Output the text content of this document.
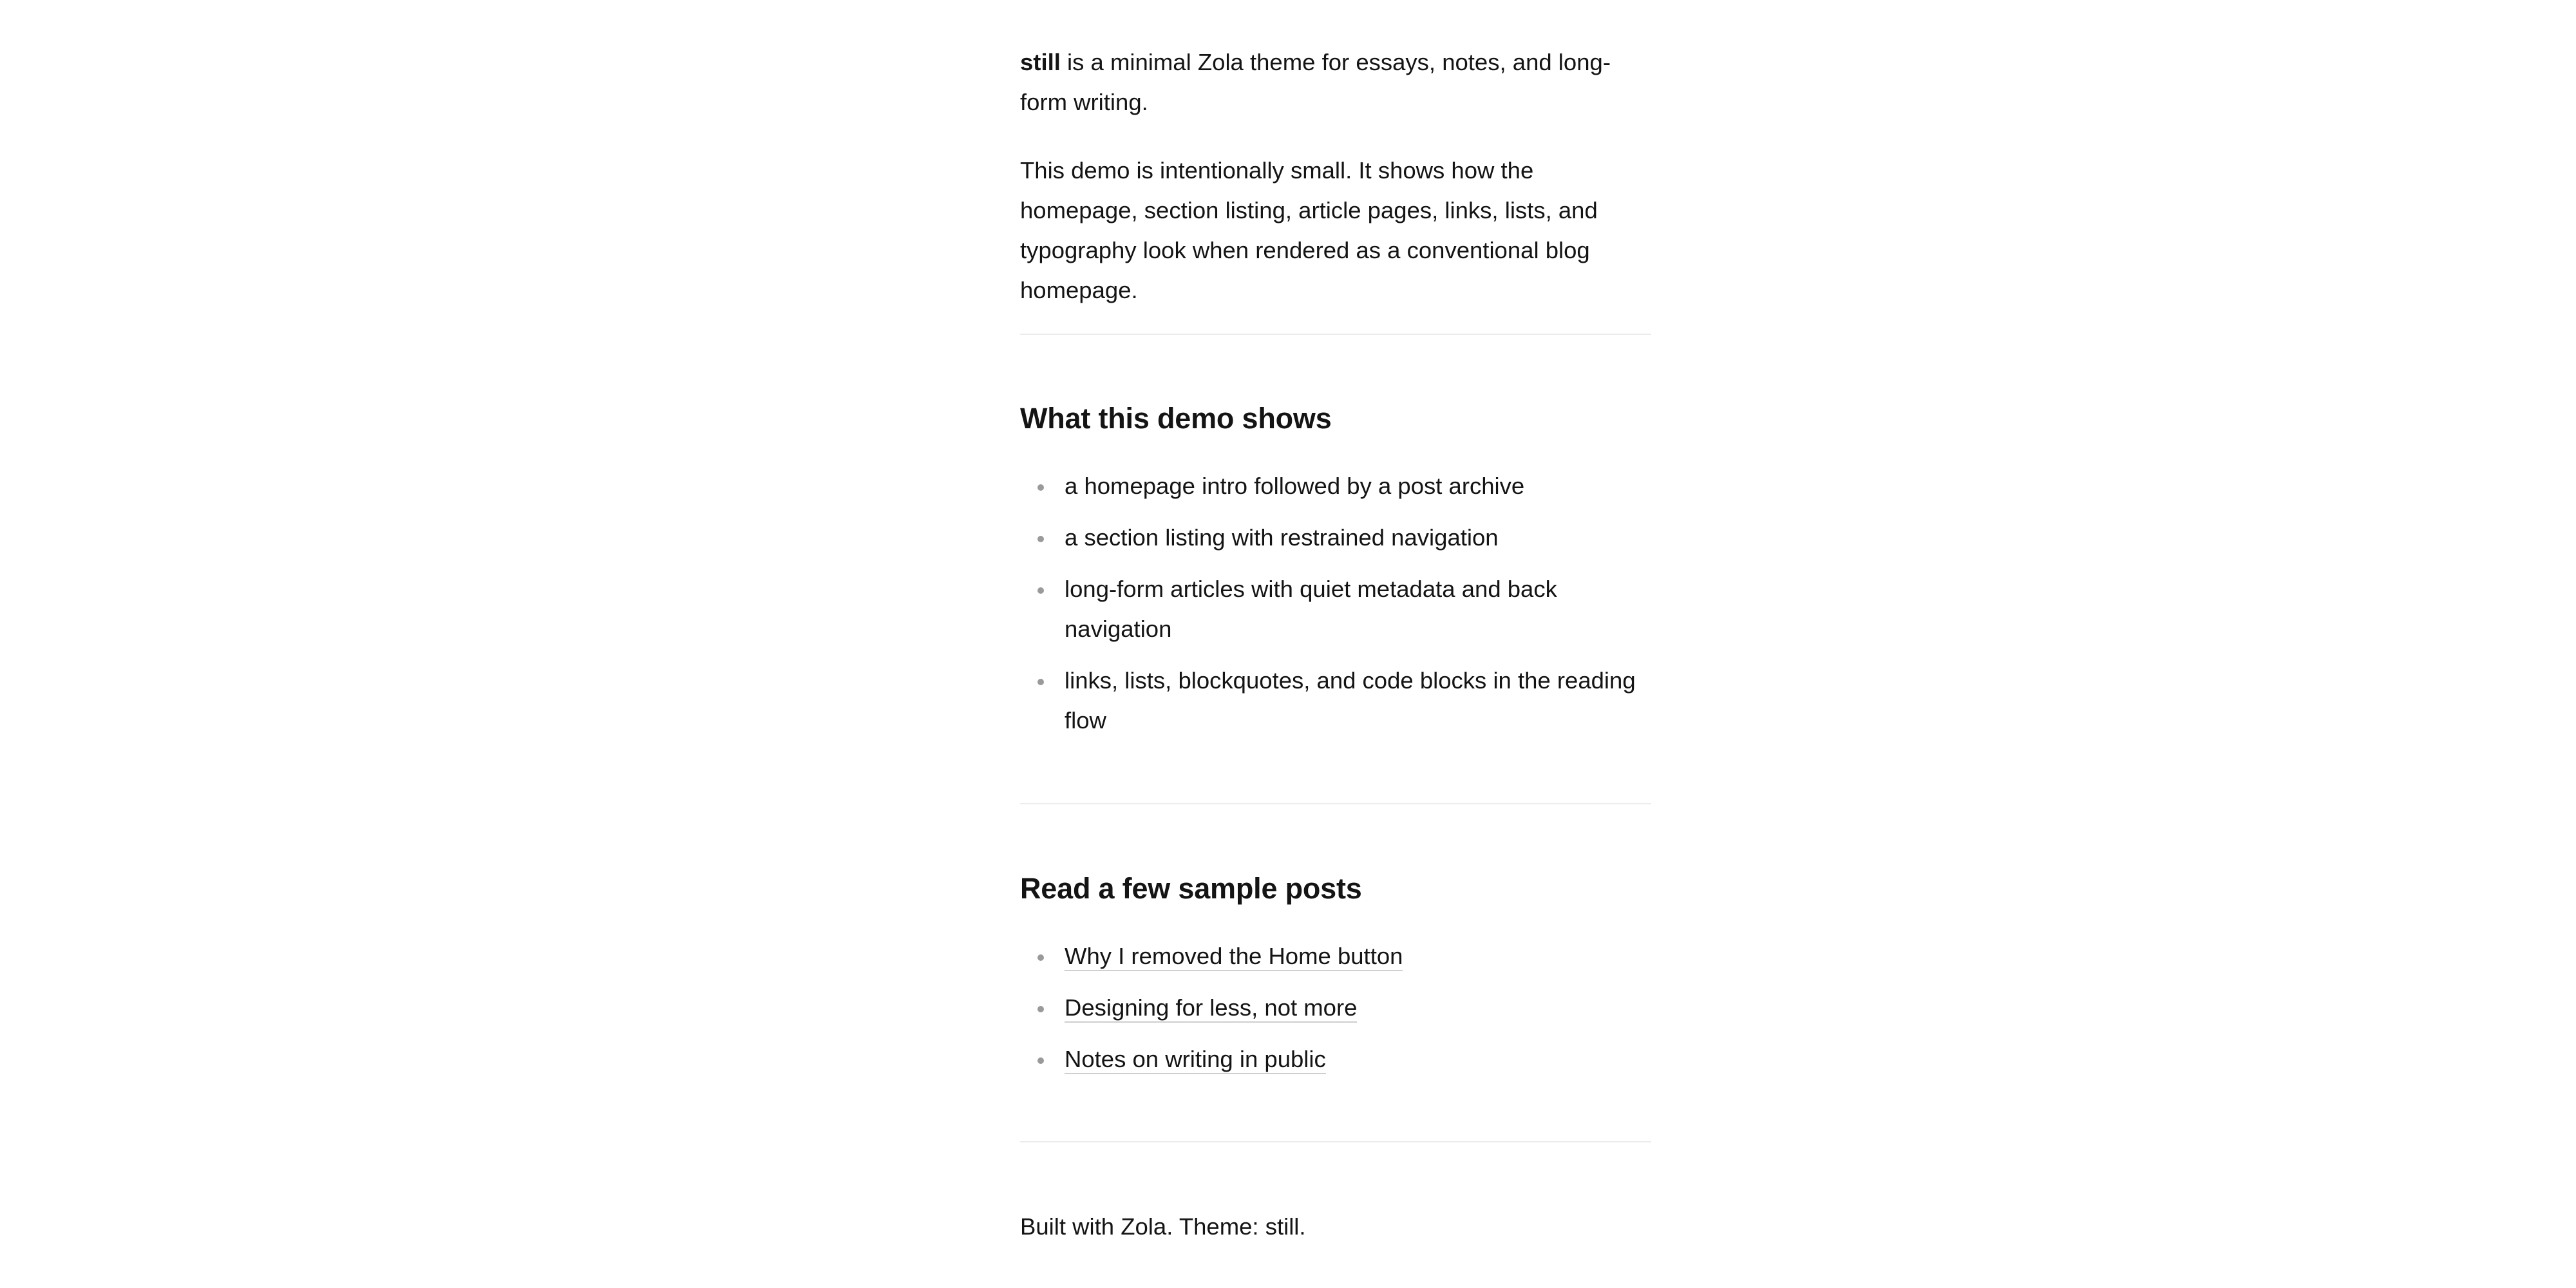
still is a minimal Zola theme for essays, notes, and long-form writing.

This demo is intentionally small. It shows how the homepage, section listing, article pages, links, lists, and typography look when rendered as a conventional blog homepage.

What this demo shows
a homepage intro followed by a post archive
a section listing with restrained navigation
long-form articles with quiet metadata and back navigation
links, lists, blockquotes, and code blocks in the reading flow
Read a few sample posts
Why I removed the Home button
Designing for less, not more
Notes on writing in public

Built with Zola. Theme: still.
